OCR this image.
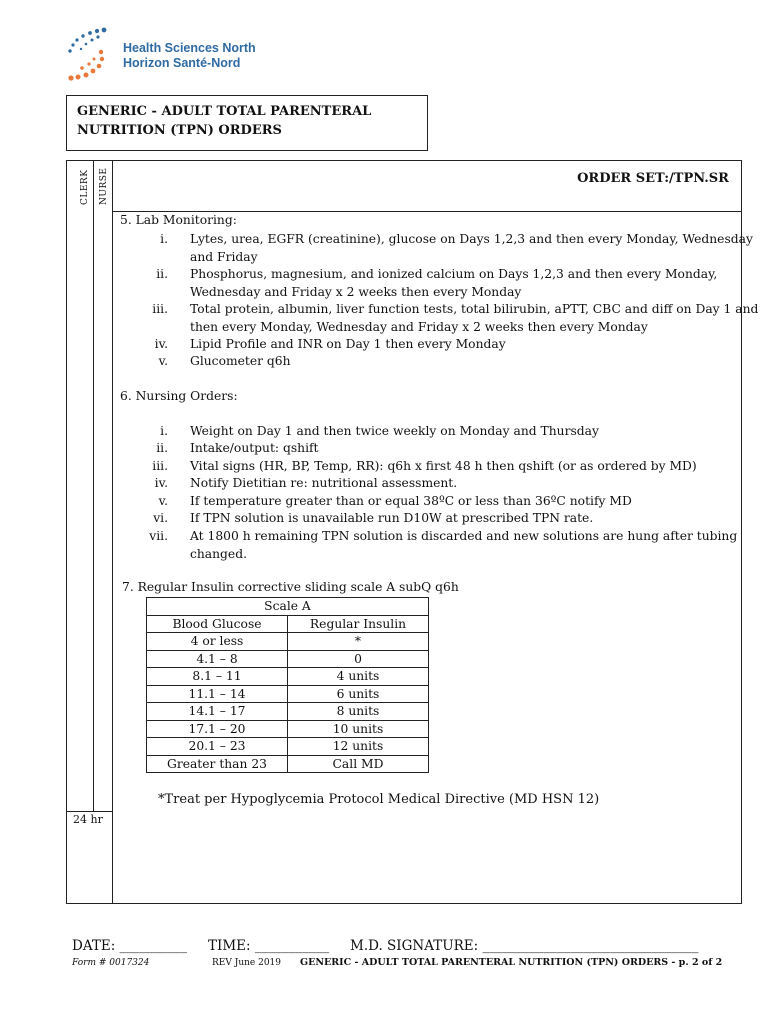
Health Sciences North
Horizon Santé-Nord
GENERIC - ADULT TOTAL PARENTERAL
NUTRITION (TPN) ORDERS
CLERK NURSE	ORDER SET:/TPN.SR
24 hr
5. Lab Monitoring:
i. Lytes, urea, EGFR (creatinine), glucose on Days 1,2,3 and then every Monday, Wednesday
and Friday
ii. Phosphorus, magnesium, and ionized calcium on Days 1,2,3 and then every Monday,
Wednesday and Friday x 2 weeks then every Monday
iii. Total protein, albumin, liver function tests, total bilirubin, aPTT, CBC and diff on Day 1 and
then every Monday, Wednesday and Friday x 2 weeks then every Monday
iv. Lipid Profile and INR on Day 1 then every Monday
v. Glucometer q6h
6. Nursing Orders:
i. Weight on Day 1 and then twice weekly on Monday and Thursday
ii. Intake/output: qshift
iii. Vital signs (HR, BP, Temp, RR): q6h x first 48 h then qshift (or as ordered by MD)
iv. Notify Dietitian re: nutritional assessment.
v. If temperature greater than or equal 38ºC or less than 36ºC notify MD
vi. If TPN solution is unavailable run D10W at prescribed TPN rate.
vii. At 1800 h remaining TPN solution is discarded and new solutions are hung after tubing
changed.
7. Regular Insulin corrective sliding scale A subQ q6h
Scale A	
Blood Glucose	Regular Insulin
4 or less	*
4.1 – 8	0
8.1 – 11	4 units
11.1 – 14	6 units
14.1 – 17	8 units
17.1 – 20	10 units
20.1 – 23	12 units
Greater than 23	Call MD
*Treat per Hypoglycemia Protocol Medical Directive (MD HSN 12)
DATE: __________ TIME: ___________ M.D. SIGNATURE: ________________________________
Form # 0017324	REV June 2019 GENERIC - ADULT TOTAL PARENTERAL NUTRITION (TPN) ORDERS - p. 2 of 2
